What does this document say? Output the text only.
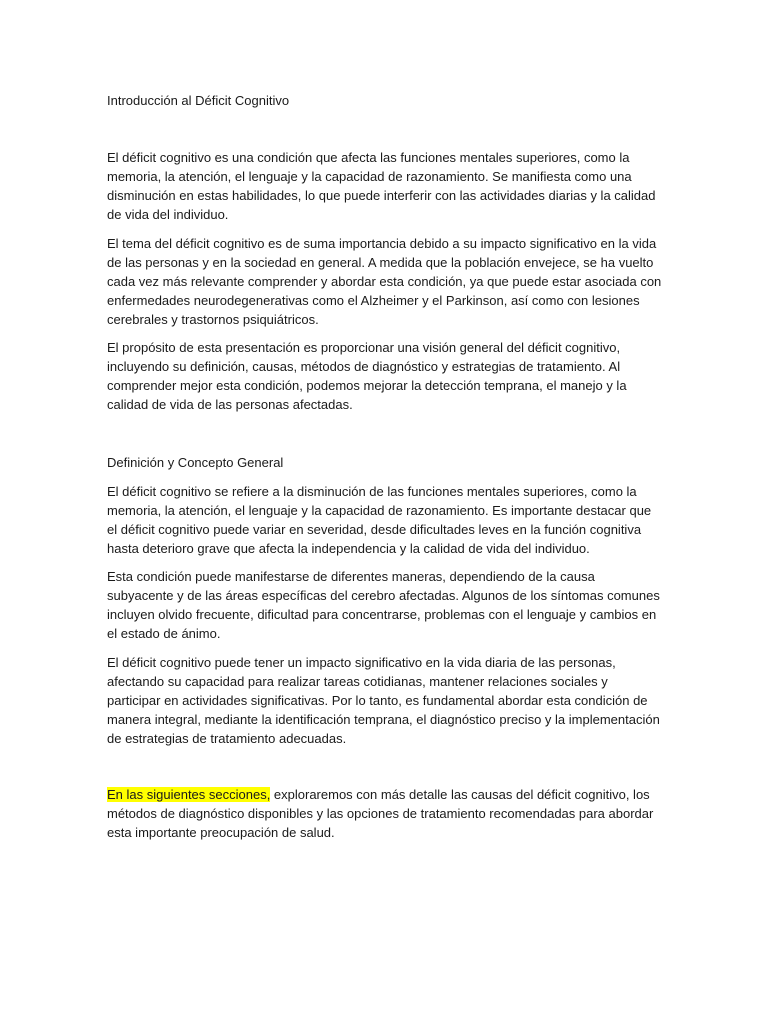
Introducción al Déficit Cognitivo
El déficit cognitivo es una condición que afecta las funciones mentales superiores, como la memoria, la atención, el lenguaje y la capacidad de razonamiento. Se manifiesta como una disminución en estas habilidades, lo que puede interferir con las actividades diarias y la calidad de vida del individuo.
El tema del déficit cognitivo es de suma importancia debido a su impacto significativo en la vida de las personas y en la sociedad en general. A medida que la población envejece, se ha vuelto cada vez más relevante comprender y abordar esta condición, ya que puede estar asociada con enfermedades neurodegenerativas como el Alzheimer y el Parkinson, así como con lesiones cerebrales y trastornos psiquiátricos.
El propósito de esta presentación es proporcionar una visión general del déficit cognitivo, incluyendo su definición, causas, métodos de diagnóstico y estrategias de tratamiento. Al comprender mejor esta condición, podemos mejorar la detección temprana, el manejo y la calidad de vida de las personas afectadas.
Definición y Concepto General
El déficit cognitivo se refiere a la disminución de las funciones mentales superiores, como la memoria, la atención, el lenguaje y la capacidad de razonamiento. Es importante destacar que el déficit cognitivo puede variar en severidad, desde dificultades leves en la función cognitiva hasta deterioro grave que afecta la independencia y la calidad de vida del individuo.
Esta condición puede manifestarse de diferentes maneras, dependiendo de la causa subyacente y de las áreas específicas del cerebro afectadas. Algunos de los síntomas comunes incluyen olvido frecuente, dificultad para concentrarse, problemas con el lenguaje y cambios en el estado de ánimo.
El déficit cognitivo puede tener un impacto significativo en la vida diaria de las personas, afectando su capacidad para realizar tareas cotidianas, mantener relaciones sociales y participar en actividades significativas. Por lo tanto, es fundamental abordar esta condición de manera integral, mediante la identificación temprana, el diagnóstico preciso y la implementación de estrategias de tratamiento adecuadas.
En las siguientes secciones, exploraremos con más detalle las causas del déficit cognitivo, los métodos de diagnóstico disponibles y las opciones de tratamiento recomendadas para abordar esta importante preocupación de salud.
